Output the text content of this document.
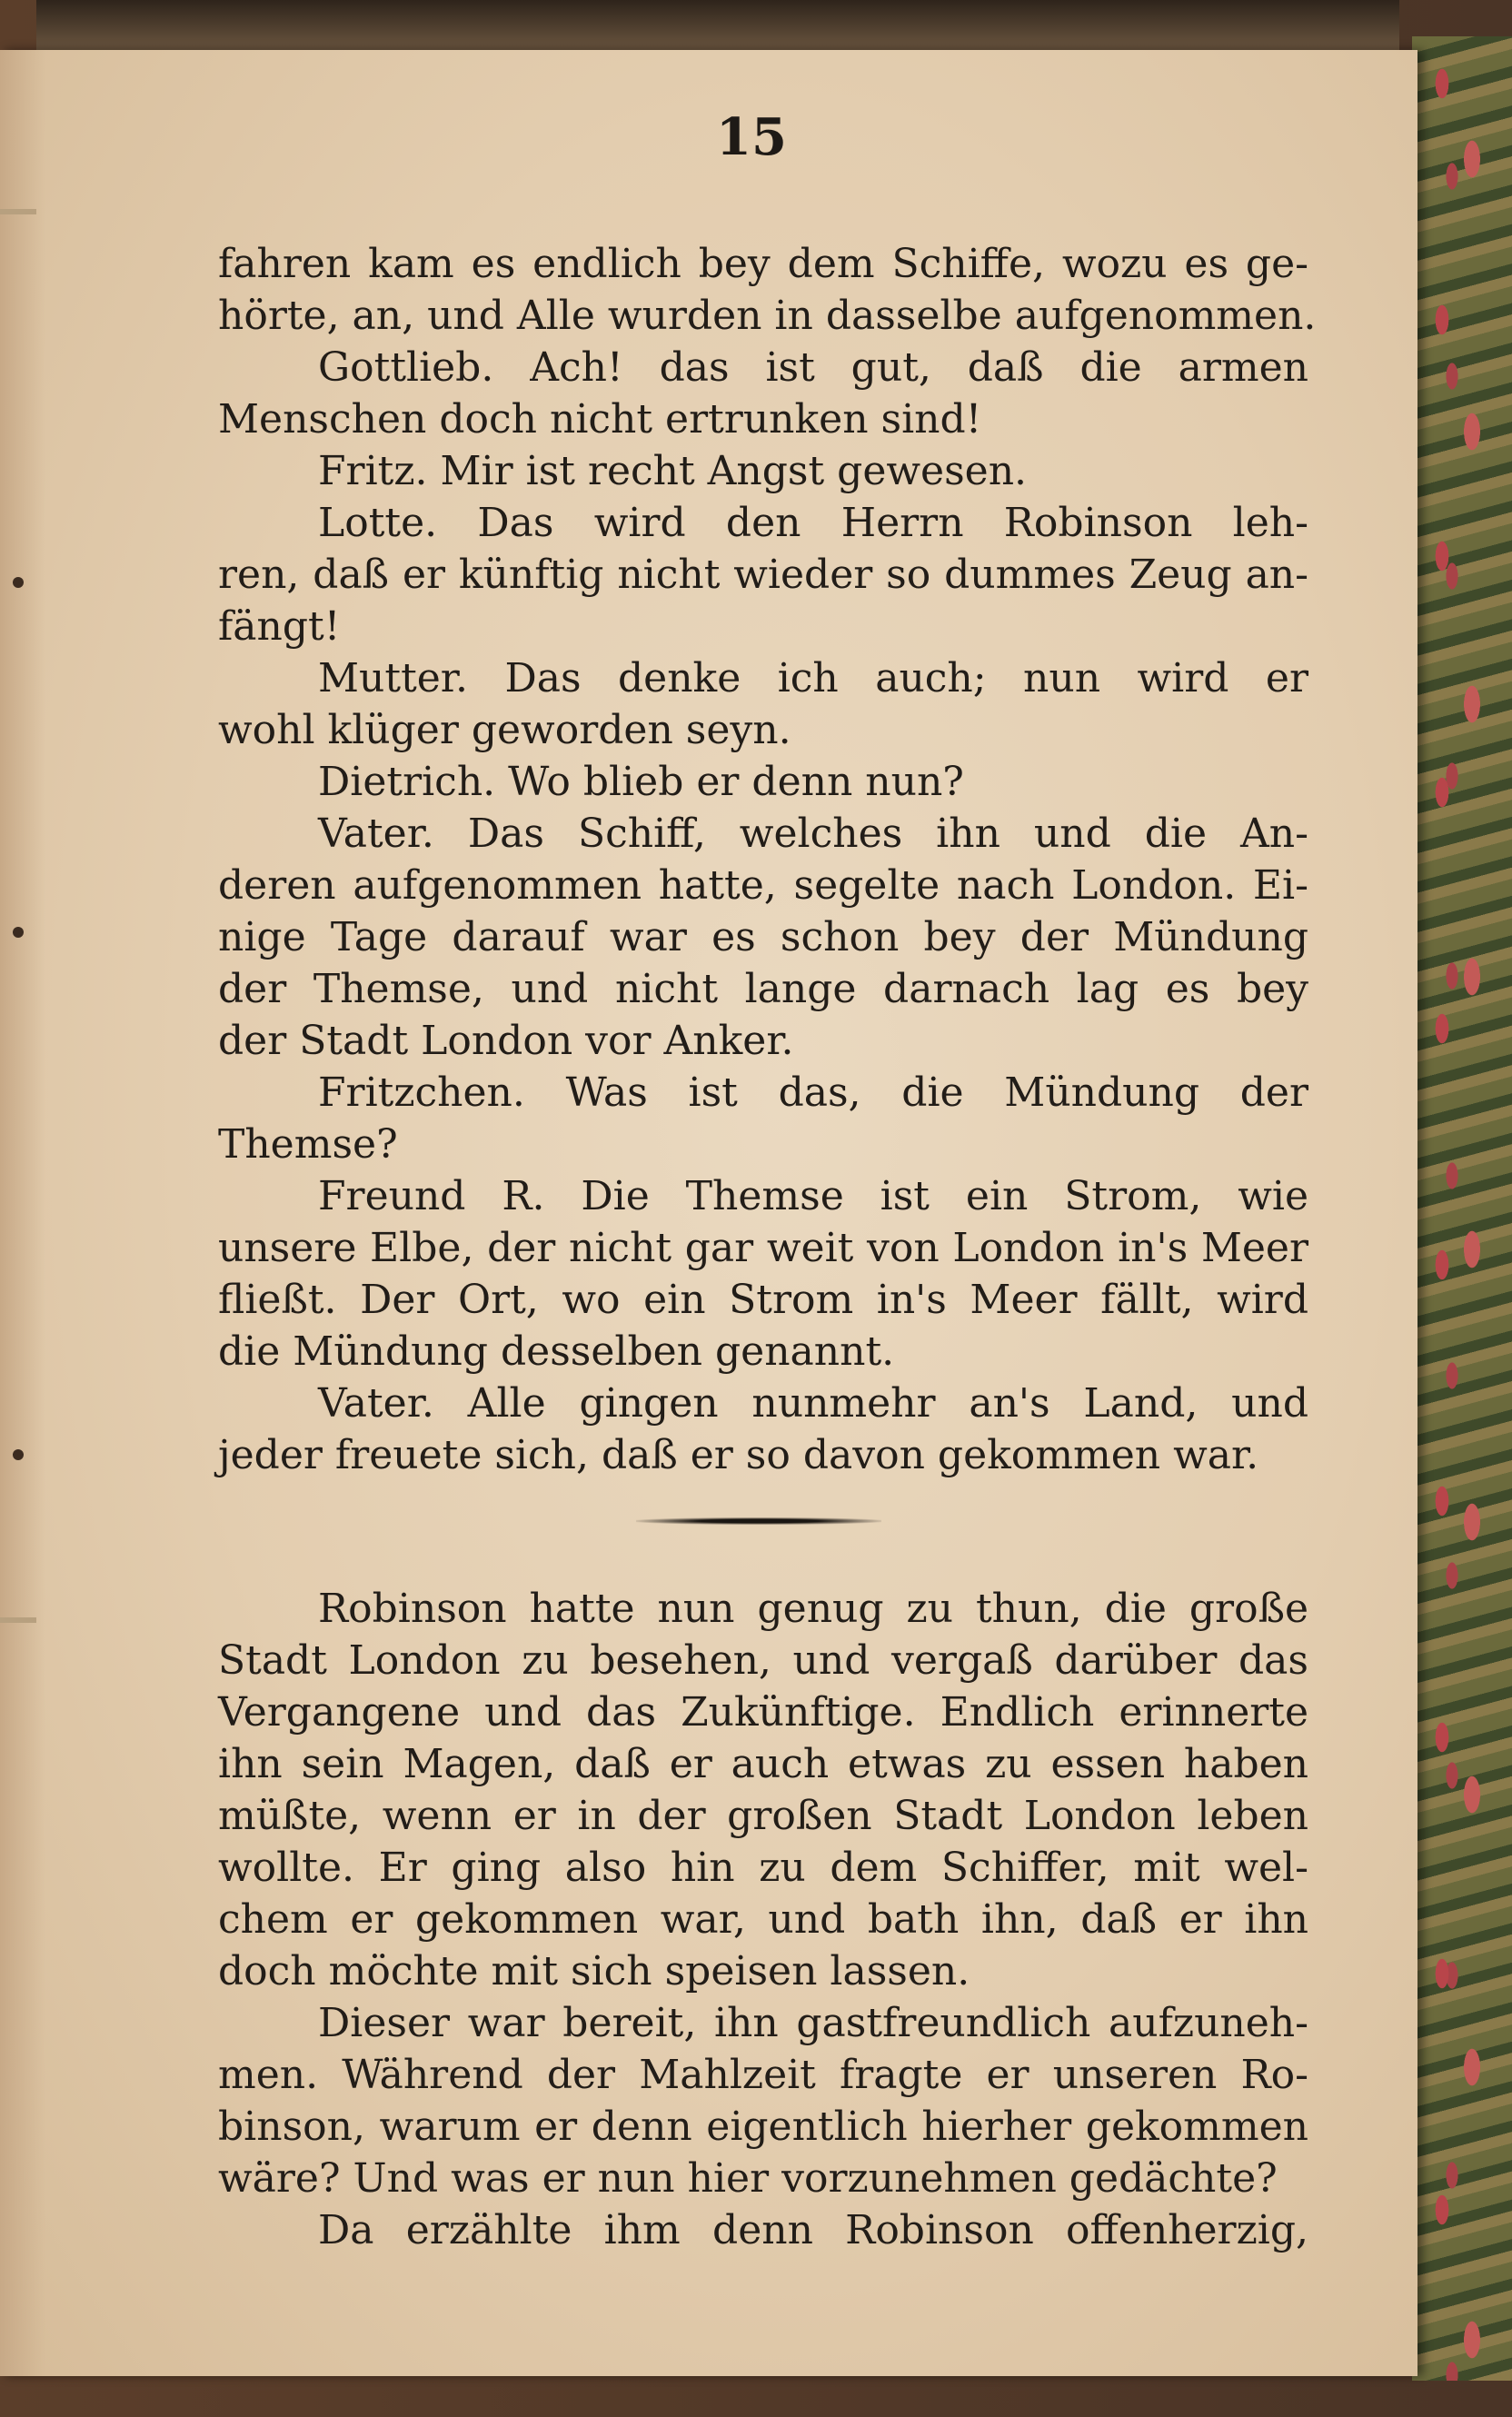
15
fahren kam es endlich bey dem Schiffe, wozu es ge-
hörte, an, und Alle wurden in dasselbe aufgenommen.
Gottlieb. Ach! das ist gut, daß die armen
Menschen doch nicht ertrunken sind!
Fritz. Mir ist recht Angst gewesen.
Lotte. Das wird den Herrn Robinson leh-
ren, daß er künftig nicht wieder so dummes Zeug an-
fängt!
Mutter. Das denke ich auch; nun wird er
wohl klüger geworden seyn.
Dietrich. Wo blieb er denn nun?
Vater. Das Schiff, welches ihn und die An-
deren aufgenommen hatte, segelte nach London. Ei-
nige Tage darauf war es schon bey der Mündung
der Themse, und nicht lange darnach lag es bey
der Stadt London vor Anker.
Fritzchen. Was ist das, die Mündung der
Themse?
Freund R. Die Themse ist ein Strom, wie
unsere Elbe, der nicht gar weit von London in's Meer
fließt. Der Ort, wo ein Strom in's Meer fällt, wird
die Mündung desselben genannt.
Vater. Alle gingen nunmehr an's Land, und
jeder freuete sich, daß er so davon gekommen war.
Robinson hatte nun genug zu thun, die große
Stadt London zu besehen, und vergaß darüber das
Vergangene und das Zukünftige. Endlich erinnerte
ihn sein Magen, daß er auch etwas zu essen haben
müßte, wenn er in der großen Stadt London leben
wollte. Er ging also hin zu dem Schiffer, mit wel-
chem er gekommen war, und bath ihn, daß er ihn
doch möchte mit sich speisen lassen.
Dieser war bereit, ihn gastfreundlich aufzuneh-
men. Während der Mahlzeit fragte er unseren Ro-
binson, warum er denn eigentlich hierher gekommen
wäre? Und was er nun hier vorzunehmen gedächte?
Da erzählte ihm denn Robinson offenherzig,
